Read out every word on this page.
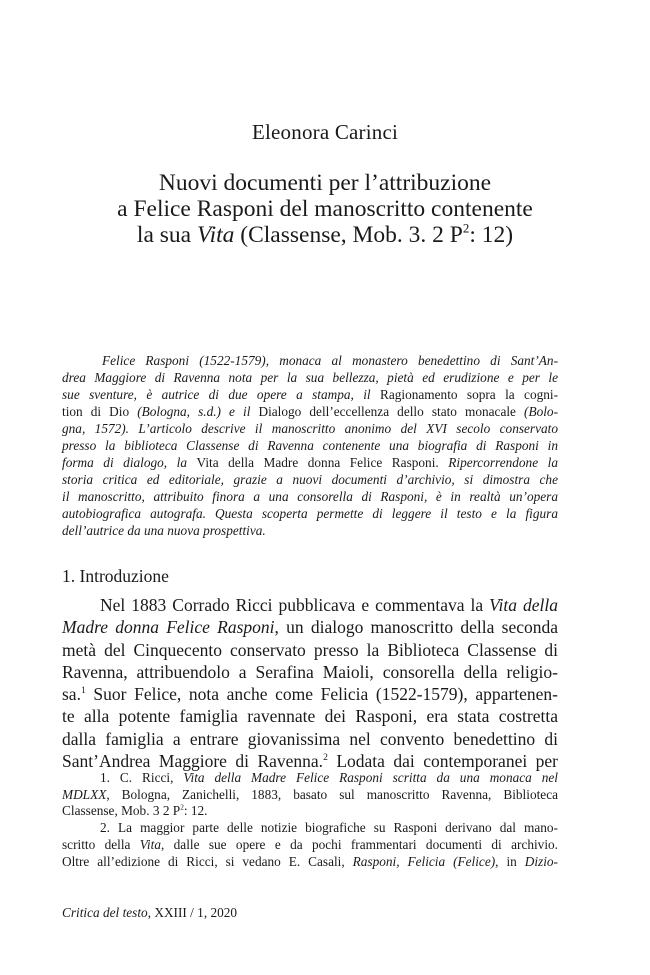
Eleonora Carinci
Nuovi documenti per l’attribuzione
a Felice Rasponi del manoscritto contenente
la sua Vita (Classense, Mob. 3. 2 $P^2$: 12)
Felice Rasponi (1522-1579), monaca al monastero benedettino di Sant’An-
drea Maggiore di Ravenna nota per la sua bellezza, pietà ed erudizione e per le
sue sventure, è autrice di due opere a stampa, il Ragionamento sopra la cogni-
tion di Dio (Bologna, s.d.) e il Dialogo dell’eccellenza dello stato monacale (Bolo-
gna, 1572). L’articolo descrive il manoscritto anonimo del XVI secolo conservato
presso la biblioteca Classense di Ravenna contenente una biografia di Rasponi in
forma di dialogo, la Vita della Madre donna Felice Rasponi. Ripercorrendone la
storia critica ed editoriale, grazie a nuovi documenti d’archivio, si dimostra che
il manoscritto, attribuito finora a una consorella di Rasponi, è in realtà un’opera
autobiografica autografa. Questa scoperta permette di leggere il testo e la figura
dell’autrice da una nuova prospettiva.
1. Introduzione
Nel 1883 Corrado Ricci pubblicava e commentava la Vita della
Madre donna Felice Rasponi, un dialogo manoscritto della seconda
metà del Cinquecento conservato presso la Biblioteca Classense di
Ravenna, attribuendolo a Serafina Maioli, consorella della religio-
sa.$^1$ Suor Felice, nota anche come Felicia (1522-1579), appartenen-
te alla potente famiglia ravennate dei Rasponi, era stata costretta
dalla famiglia a entrare giovanissima nel convento benedettino di
Sant’Andrea Maggiore di Ravenna.$^2$ Lodata dai contemporanei per
1. C. Ricci, Vita della Madre Felice Rasponi scritta da una monaca nel
MDLXX, Bologna, Zanichelli, 1883, basato sul manoscritto Ravenna, Biblioteca
Classense, Mob. 3 2 $P^2$: 12.
2. La maggior parte delle notizie biografiche su Rasponi derivano dal mano-
scritto della Vita, dalle sue opere e da pochi frammentari documenti di archivio.
Oltre all’edizione di Ricci, si vedano E. Casali, Rasponi, Felicia (Felice), in Dizio-
Critica del testo, XXIII / 1, 2020
